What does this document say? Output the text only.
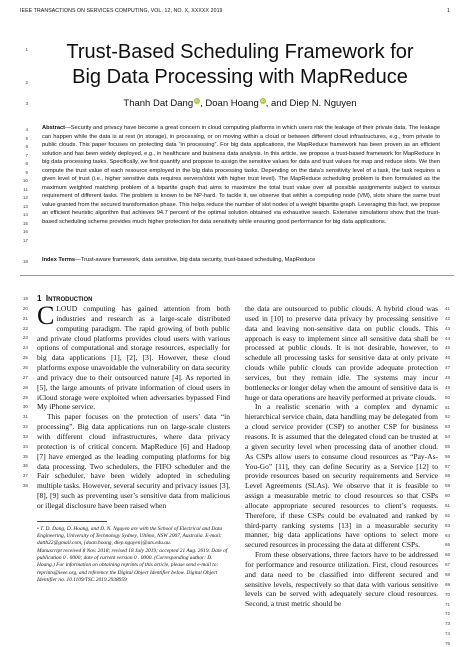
IEEE TRANSACTIONS ON SERVICES COMPUTING, VOL. 12, NO. X, XXXXX 2019	1
Trust-Based Scheduling Framework for
Big Data Processing with MapReduce
Thanh Dat Dang iD, Doan Hoang iD, and Diep N. Nguyen
Abstract—Security and privacy have become a great concern in cloud computing platforms in which users risk the leakage of their private data. The leakage can happen while the data is at rest (in storage), in processing, or on moving within a cloud or between different cloud infrastructures, e.g., from private to public clouds. This paper focuses on protecting data “in processing”. For big data applications, the MapReduce framework has been proven as an efficient solution and has been widely deployed, e.g., in healthcare and business data analysis. In this article, we propose a trust-based framework for MapReduce in big data processing tasks. Specifically, we first quantify and propose to assign the sensitive values for data and trust values for map and reduce slots. We then compute the trust value of each resource employed in the big data processing tasks. Depending on the data’s sensitivity level of a task, the task requires a given level of trust (i.e., higher sensitive data requires servers/slots with higher trust level). The MapReduce scheduling problem is then formulated as the maximum weighted matching problem of a bipartite graph that aims to maximize the total trust value over all possible assignments subject to various requirement of different tasks. The problem is known to be NP-hard. To tackle it, we observe that within a computing node (VM), slots share the same trust value granted from the secured transformation phase. This helps reduce the number of slot nodes of a weight bipartite graph. Leveraging this fact, we propose an efficient heuristic algorithm that achieves 94.7 percent of the optimal solution obtained via exhaustive search. Extensive simulations show that the trust-based scheduling scheme provides much higher protection for data sensitivity while ensuring good performance for big data applications.
Index Terms—Trust-aware framework, data sensitive, big data security, trust-based scheduling, MapReduce
1 Introduction

CLOUD computing has gained attention from both industries and research as a large-scale distributed computing paradigm. The rapid growing of both public and private cloud platforms provides cloud users with various options of computational and storage resources, especially for big data applications [1], [2], [3]. However, these cloud platforms expose unavoidable the vulnerability on data security and privacy due to their outsourced nature [4]. As reported in [5], the large amounts of private information of cloud users in iCloud storage were exploited when adversaries bypassed Find My iPhone service.

This paper focuses on the protection of users’ data “in processing”. Big data applications run on large-scale clusters with different cloud infrastructures, where data privacy protection is of critical concern. MapReduce [6] and Hadoop [7] have emerged as the leading computing platforms for big data processing. Two schedulers, the FIFO scheduler and the Fair scheduler, have been widely adopted in scheduling multiple tasks. However, several security and privacy issues [3], [8], [9] such as preventing user’s sensitive data from malicious or illegal disclosure have been raised when

• T. D. Dang, D. Hoang, and D. N. Nguyen are with the School of Electrical and Data Engineering, University of Technology Sydney, Ultimo, NSW 2007, Australia. E-mail: datth22@gmail.com, {doan.hoang, diep.nguyen}@uts.edu.au.

Manuscript received 8 Nov. 2018; revised 18 July 2019; accepted 21 Aug. 2019. Date of publication 0 . 0000; date of current version 0 . 0000. (Corresponding author: D. Hoang.) For information on obtaining reprints of this article, please send e-mail to: reprints@ieee.org, and reference the Digital Object Identifier below. Digital Object Identifier no. 10.1109/TSC.2019.2938959

the data are outsourced to public clouds. A hybrid cloud was used in [10] to preserve data privacy by processing sensitive data and leaving non-sensitive data on public clouds. This approach is easy to implement since all sensitive data shall be processed at public clouds. It is not desirable, however, to schedule all processing tasks for sensitive data at only private clouds while public clouds can provide adequate protection services, but they remain idle. The systems may incur bottlenecks or longer delay when the amount of sensitive data is huge or data operations are heavily performed at private clouds.

In a realistic scenario with a complex and dynamic hierarchical service chain, data handling may be delegated from a cloud service provider (CSP) to another CSP for business reasons. It is assumed that the delegated cloud can be trusted at a given security level when processing data of another cloud. As CSPs allow users to consume cloud resources as “Pay-As-You-Go” [11], they can define Security as a Service [12] to provide resources based on security requirements and Service Level Agreements (SLAs). We observe that it is feasible to assign a measurable metric to cloud resources so that CSPs allocate appropriate secured resources to client’s requests. Therefore, if these CSPs could be evaluated and ranked by third-party ranking systems [13] in a measurable security manner, big data applications have options to select more secured resources in processing the data at different CSPs.

From these observations, three factors have to be addressed for performance and resource utilization. First, cloud resources and data need to be classified into different secured and sensitive levels, respectively so that data with various sensitive levels can be served with adequately secure cloud resources. Second, a trust metric should be

1
2
3
4
5
6
7
8
9
10
11
12
13
14
15
16
17
18
19
20
21
22
23
24
25
26
27
28
29
30
31
32
33
34
35
36
37
38
41
42
43
44
45
46
47
48
49
50
51
52
53
54
55
56
57
58
59
60
61
62
63
64
65
66
67
68
69
70
71
72
73
74
75
